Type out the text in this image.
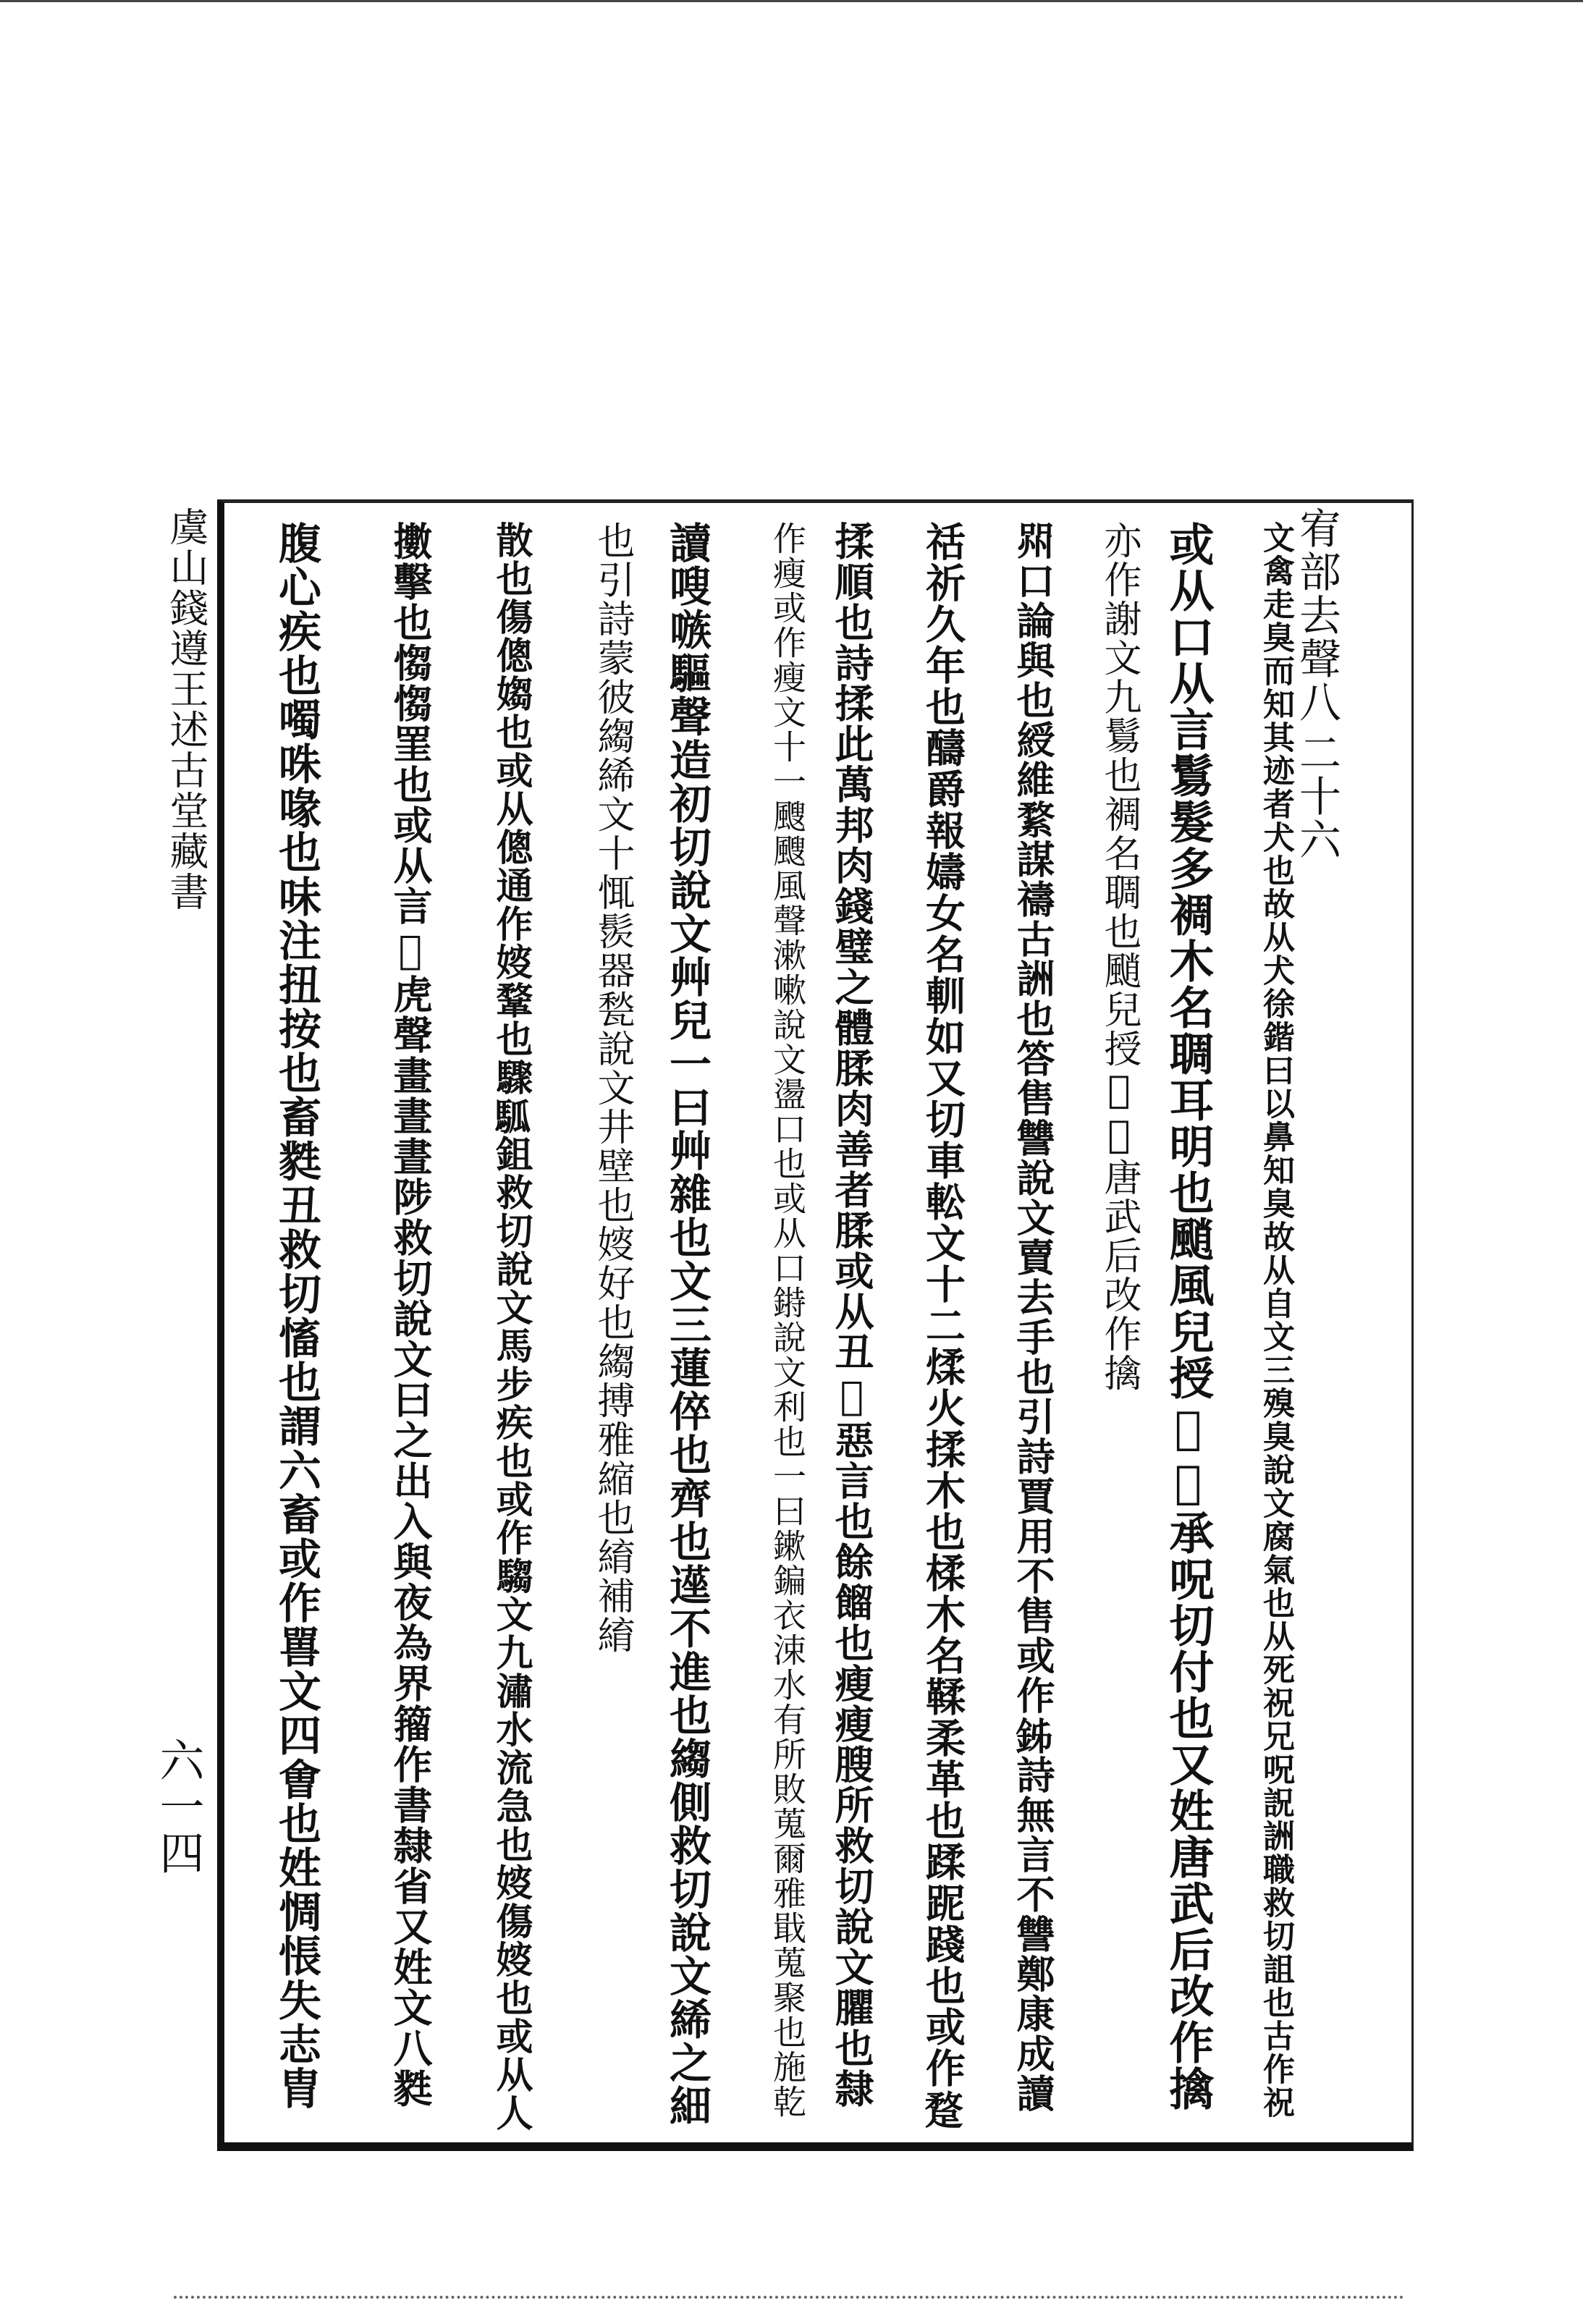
宥部去聲八
二十六
文禽走臭而知其迹者犬也故从犬徐鍇曰以鼻知臭故从自文三殠臭說文腐氣也从死祝兄呪詋詶職救切詛也古作祝
或从口从言鬄髮多裯木名䎻耳明也颵風兒授𥡘𥢗承呪切付也又姓唐武后改作擒
亦作謝文九鬄也裯名䎻也颵兒授𥡘𥢗唐武后改作擒
喌口論與也綬維䋷謀禱古詶也答售讐說文賣去手也引詩賈用不售或作𨥦詩無言不讐鄭康成讀
䄆祈久年也醻爵報嬦女名䡅如又切車䡆文十二煣火揉木也楺木名鞣柔革也蹂跜踐也或作𨂣
揉順也詩揉此萬邦肉錢璧之體腬肉善者腬或从丑𠹮惡言也餘餾也瘦瘦膄所救切說文臞也隸
作瘦或作瘦文十一颼颼風聲漱嗽說文盪口也或从口𨨲說文利也一曰鏉鍽衣涑水有所敗蒐爾雅戢蒐聚也施乾
讀嗖嗾驅聲造初切說文艸兒一曰艸雜也文三蓮倅也齊也遳不進也縐側救切說文絺之細
也引詩蒙彼縐絺文十㤴䯸器甃說文井壁也㛮好也縐搏雅縮也䋭補䋭
散也傷傯媰也或从傯通作㛮鞪也驟𩢍鉏救切說文馬步疾也或作騶文九潚水流急也㛮傷㛮也或从人
擻擊也㥮㥮罣也或从言𧇤虎聲畫晝晝陟救切說文曰之出入與夜為界籀作書隸省又姓文八㽔
腹心疾也噣咮喙也味注扭按也畜㽔丑救切慉也謂六畜或作嘼文四㑹也姓惆悵失志胄
虞山錢遵王述古堂藏書
六一四
